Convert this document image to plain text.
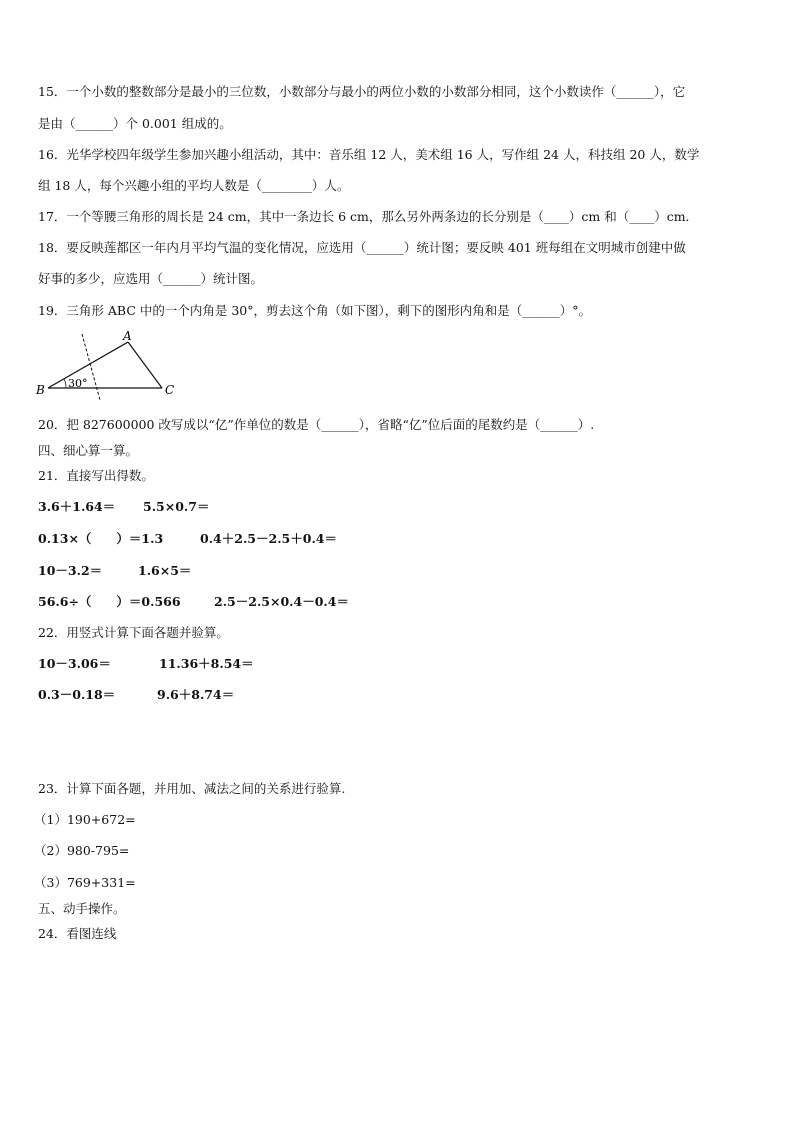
15．一个小数的整数部分是最小的三位数，小数部分与最小的两位小数的小数部分相同，这个小数读作（______），它
是由（______）个 0.001 组成的。
16．光华学校四年级学生参加兴趣小组活动，其中：音乐组 12 人，美术组 16 人，写作组 24 人，科技组 20 人，数学
组 18 人，每个兴趣小组的平均人数是（________）人。
17．一个等腰三角形的周长是 24 cm，其中一条边长 6 cm，那么另外两条边的长分别是（____）cm 和（____）cm．
18．要反映莲都区一年内月平均气温的变化情况，应选用（______）统计图；要反映 401 班每组在文明城市创建中做
好事的多少，应选用（______）统计图。
19．三角形 ABC 中的一个内角是 30°，剪去这个角（如下图），剩下的图形内角和是（______）°。
A
B	C
30°
20．把 827600000 改写成以“亿”作单位的数是（______），省略“亿”位后面的尾数约是（______）.
四、细心算一算。
21．直接写出得数。
3.6＋1.64＝ 5.5×0.7＝
0.13×（　　）＝1.3	0.4＋2.5－2.5＋0.4＝
10－3.2＝	1.6×5＝
56.6÷（　　）＝0.566	2.5－2.5×0.4－0.4＝
22．用竖式计算下面各题并验算。
10－3.06＝	11.36＋8.54＝
0.3－0.18＝	9.6＋8.74＝
23．计算下面各题，并用加、减法之间的关系进行验算.
（1）190+672=
（2）980-795=
（3）769+331=
五、动手操作。
24．看图连线
